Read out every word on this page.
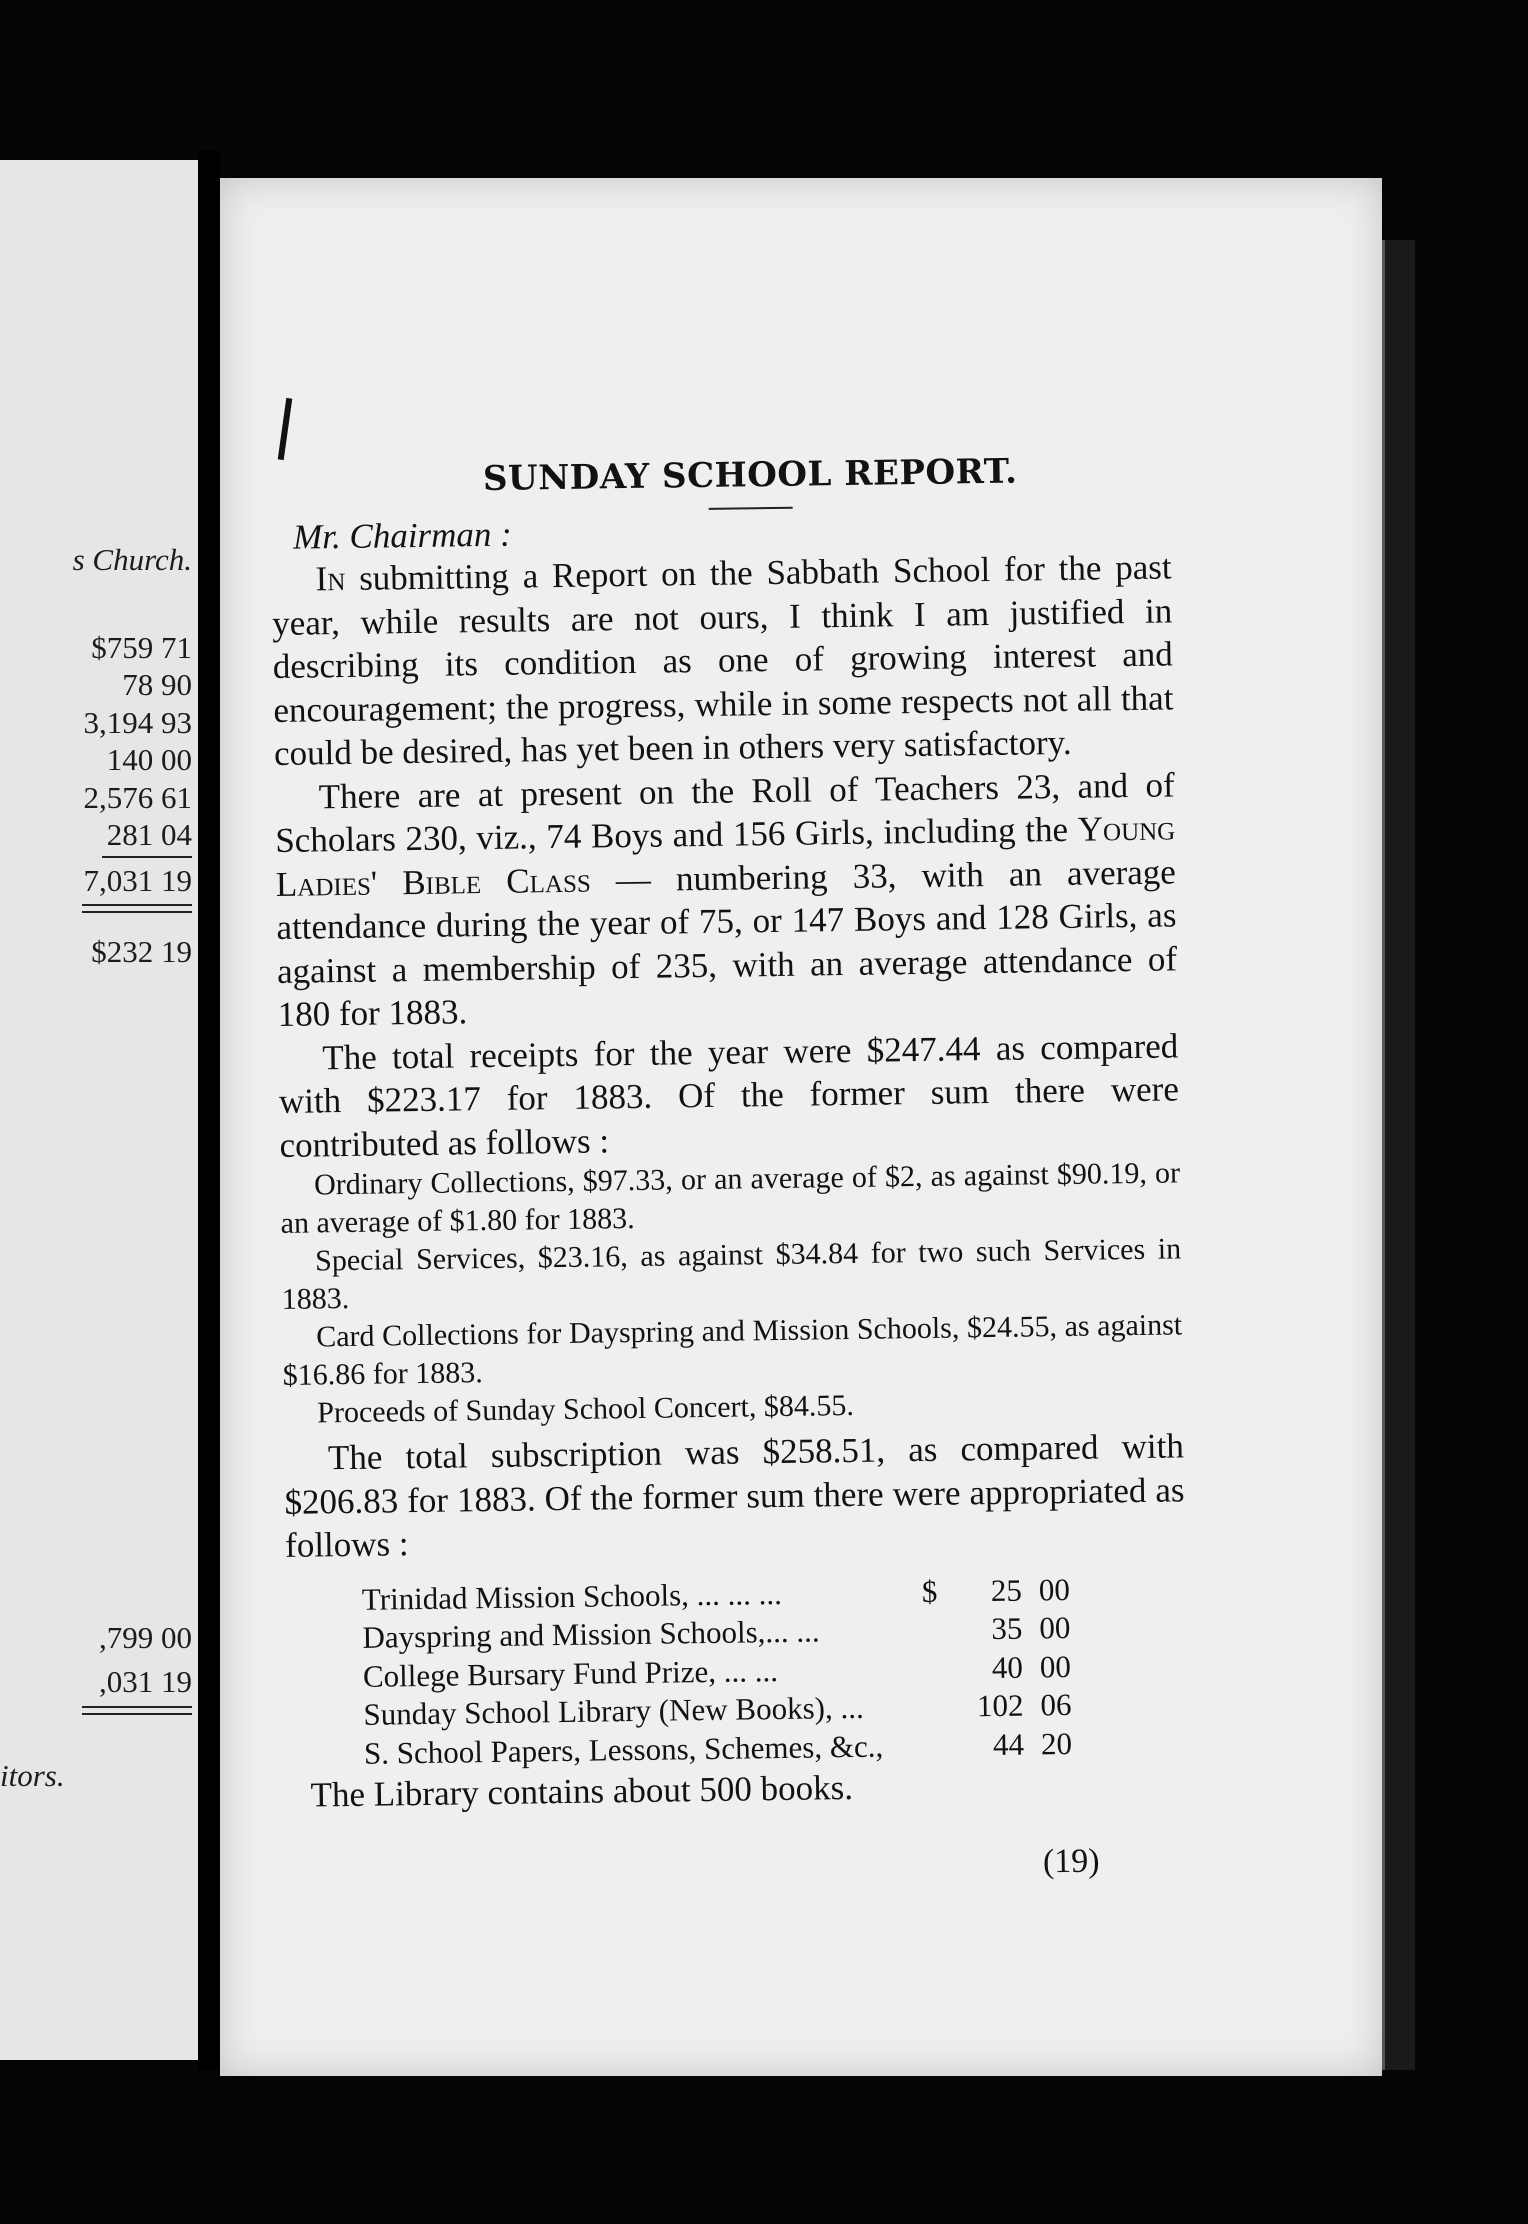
s Church.
$759 71
78 90
3,194 93
140 00
2,576 61
281 04
7,031 19
$232 19
,799 00
,031 19
itors.
SUNDAY SCHOOL REPORT.
Mr. Chairman :

In submitting a Report on the Sabbath School for the past year, while results are not ours, I think I am justified in describing its condition as one of growing interest and encouragement; the progress, while in some respects not all that could be desired, has yet been in others very satisfactory.

There are at present on the Roll of Teachers 23, and of Scholars 230, viz., 74 Boys and 156 Girls, including the Young Ladies' Bible Class — numbering 33, with an average attendance during the year of 75, or 147 Boys and 128 Girls, as against a membership of 235, with an average attendance of 180 for 1883.

The total receipts for the year were $247.44 as compared with $223.17 for 1883. Of the former sum there were contributed as follows :

Ordinary Collections, $97.33, or an average of $2, as against $90.19, or an average of $1.80 for 1883.
Special Services, $23.16, as against $34.84 for two such Services in 1883.
Card Collections for Dayspring and Mission Schools, $24.55, as against $16.86 for 1883.
Proceeds of Sunday School Concert, $84.55.

The total subscription was $258.51, as compared with $206.83 for 1883. Of the former sum there were appropriated as follows :

Trinidad Mission Schools, ... ... ...	$	25 00
Dayspring and Mission Schools,... ...	35 00
College Bursary Fund Prize, ... ...	40 00
Sunday School Library (New Books), ...	102 06
S. School Papers, Lessons, Schemes, &c.,	44 20
The Library contains about 500 books.
(19)
